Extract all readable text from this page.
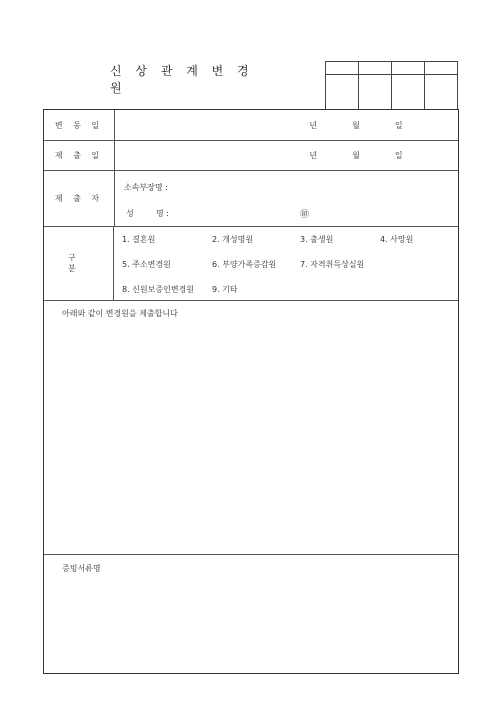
신 상 관 계 변 경 원

변 동 일	년	월	일
제 출 일	년	월	일
제 출 자
소속부장명 :
성	명 :	㊞
구 분
1. 결혼원	2. 개성명원	3. 출생원	4. 사망원
5. 주소변경원	6. 부양가족증감원	7. 자격취득상실원
8. 신원보증인변경원 9. 기타
아래와 같이 변경원을 제출합니다
증빙서류명
